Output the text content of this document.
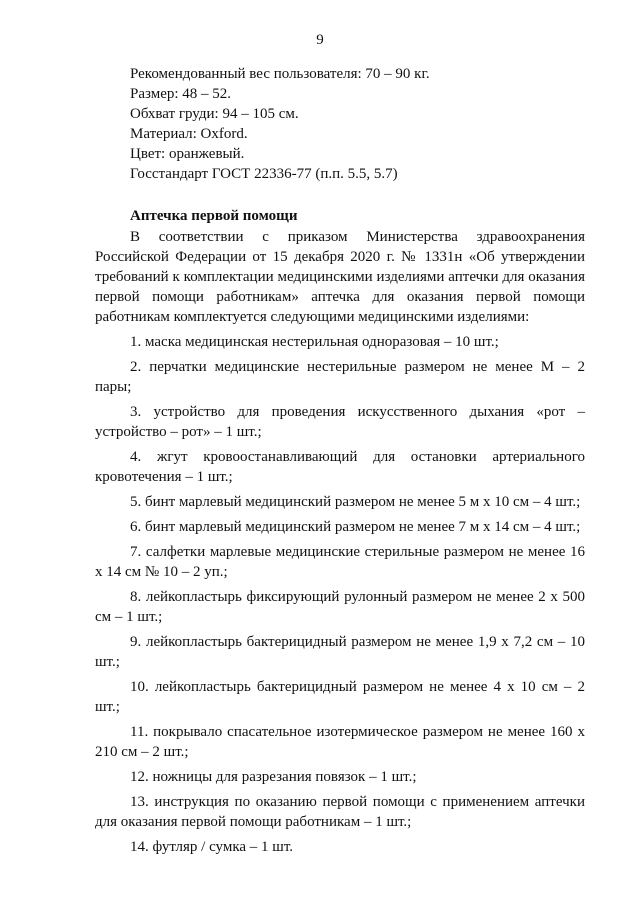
9

Рекомендованный вес пользователя: 70 – 90 кг.

Размер: 48 – 52.

Обхват груди: 94 – 105 см.

Материал: Oxford.

Цвет: оранжевый.

Госстандарт ГОСТ 22336-77 (п.п. 5.5, 5.7)

Аптечка первой помощи

В соответствии с приказом Министерства здравоохранения Российской Федерации от 15 декабря 2020 г. № 1331н «Об утверждении требований к комплектации медицинскими изделиями аптечки для оказания первой помощи работникам» аптечка для оказания первой помощи работникам комплектуется следующими медицинскими изделиями:

1. маска медицинская нестерильная одноразовая – 10 шт.;

2. перчатки медицинские нестерильные размером не менее М – 2 пары;

3. устройство для проведения искусственного дыхания «рот – устройство – рот» – 1 шт.;

4. жгут кровоостанавливающий для остановки артериального кровотечения – 1 шт.;

5. бинт марлевый медицинский размером не менее 5 м х 10 см – 4 шт.;

6. бинт марлевый медицинский размером не менее 7 м х 14 см – 4 шт.;

7. салфетки марлевые медицинские стерильные размером не менее 16 х 14 см № 10 – 2 уп.;

8. лейкопластырь фиксирующий рулонный размером не менее 2 х 500 см – 1 шт.;

9. лейкопластырь бактерицидный размером не менее 1,9 х 7,2 см – 10 шт.;

10. лейкопластырь бактерицидный размером не менее 4 х 10 см – 2 шт.;

11. покрывало спасательное изотермическое размером не менее 160 х 210 см – 2 шт.;

12. ножницы для разрезания повязок – 1 шт.;

13. инструкция по оказанию первой помощи с применением аптечки для оказания первой помощи работникам – 1 шт.;

14. футляр / сумка – 1 шт.
